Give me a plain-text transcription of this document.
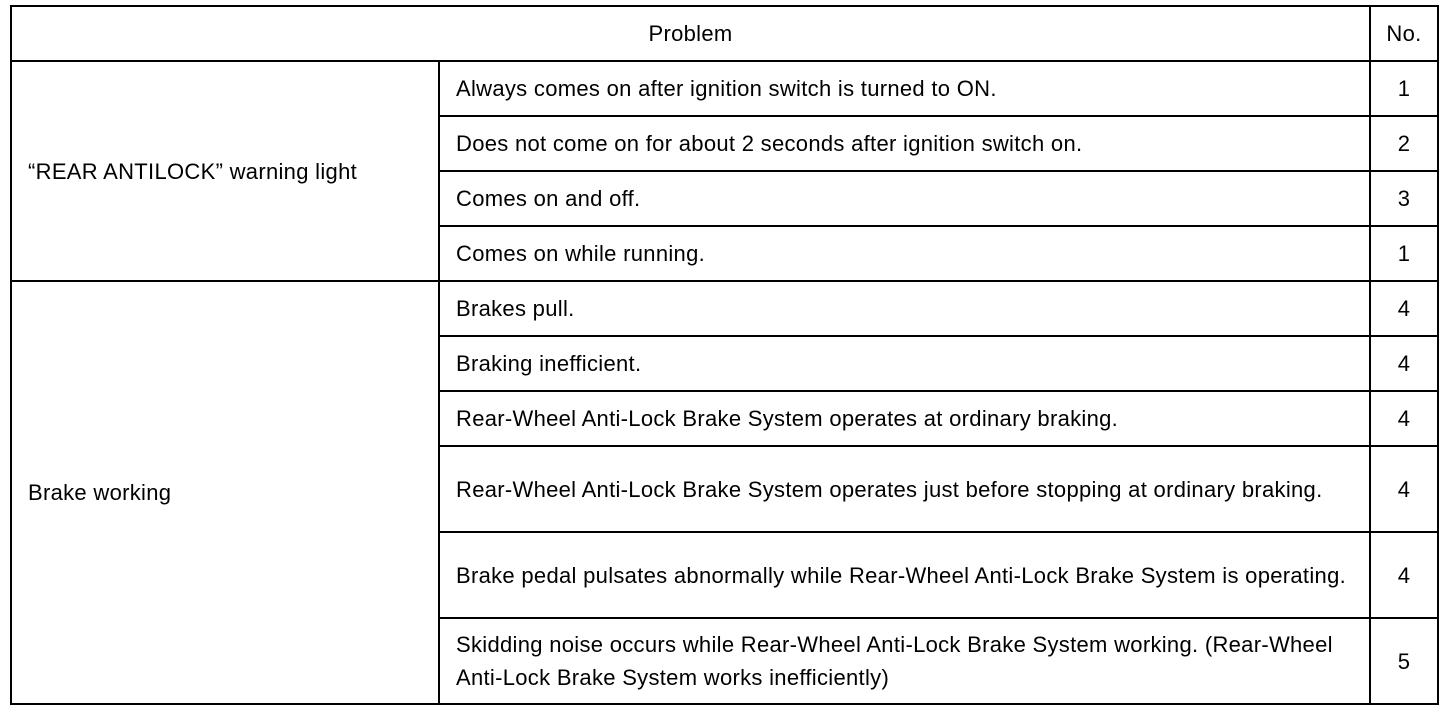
Problem		No.
“REAR ANTILOCK” warning light	Always comes on after ignition switch is turned to ON.	1
	Does not come on for about 2 seconds after ignition switch on.	2
	Comes on and off.	3
	Comes on while running.	1
Brake working	Brakes pull.	4
	Braking inefficient.	4
	Rear-Wheel Anti-Lock Brake System operates at ordinary braking.	4
	Rear-Wheel Anti-Lock Brake System operates just before stopping at ordinary braking.	4
	Brake pedal pulsates abnormally while Rear-Wheel Anti-Lock Brake System is operating.	4
	Skidding noise occurs while Rear-Wheel Anti-Lock Brake System working. (Rear-Wheel Anti-Lock Brake System works inefficiently)	5
